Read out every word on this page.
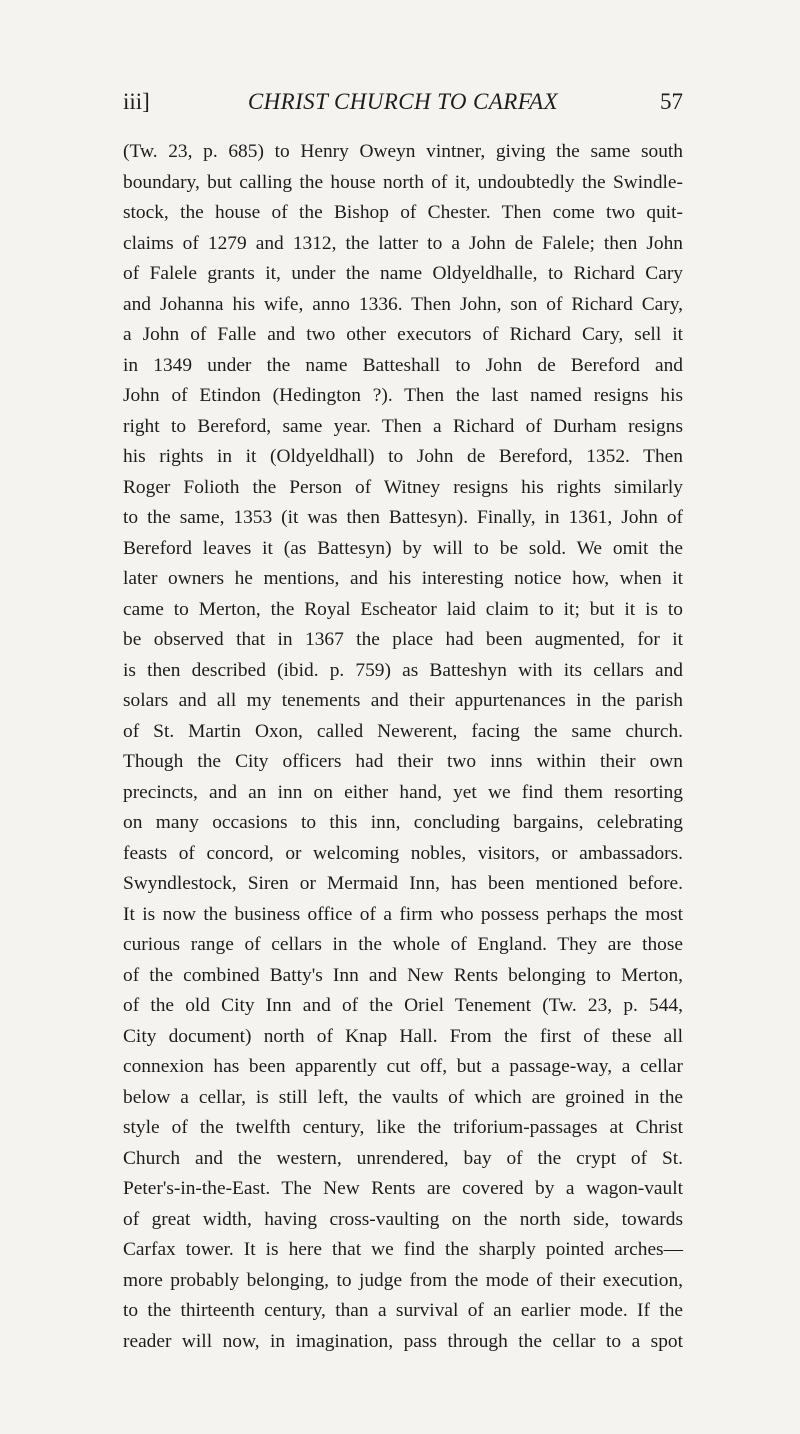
iii]	CHRIST CHURCH TO CARFAX	57
(Tw. 23, p. 685) to Henry Oweyn vintner, giving the same south
boundary, but calling the house north of it, undoubtedly the Swindle-
stock, the house of the Bishop of Chester. Then come two quit-
claims of 1279 and 1312, the latter to a John de Falele; then John
of Falele grants it, under the name Oldyeldhalle, to Richard Cary
and Johanna his wife, anno 1336. Then John, son of Richard Cary,
a John of Falle and two other executors of Richard Cary, sell it
in 1349 under the name Batteshall to John de Bereford and
John of Etindon (Hedington ?). Then the last named resigns his
right to Bereford, same year. Then a Richard of Durham resigns
his rights in it (Oldyeldhall) to John de Bereford, 1352. Then
Roger Folioth the Person of Witney resigns his rights similarly
to the same, 1353 (it was then Battesyn). Finally, in 1361, John of
Bereford leaves it (as Battesyn) by will to be sold. We omit the
later owners he mentions, and his interesting notice how, when it
came to Merton, the Royal Escheator laid claim to it; but it is to
be observed that in 1367 the place had been augmented, for it
is then described (ibid. p. 759) as Batteshyn with its cellars and
solars and all my tenements and their appurtenances in the parish
of St. Martin Oxon, called Newerent, facing the same church.
Though the City officers had their two inns within their own
precincts, and an inn on either hand, yet we find them resorting
on many occasions to this inn, concluding bargains, celebrating
feasts of concord, or welcoming nobles, visitors, or ambassadors.
Swyndlestock, Siren or Mermaid Inn, has been mentioned before.
It is now the business office of a firm who possess perhaps the most
curious range of cellars in the whole of England. They are those
of the combined Batty's Inn and New Rents belonging to Merton,
of the old City Inn and of the Oriel Tenement (Tw. 23, p. 544,
City document) north of Knap Hall. From the first of these all
connexion has been apparently cut off, but a passage-way, a cellar
below a cellar, is still left, the vaults of which are groined in the
style of the twelfth century, like the triforium-passages at Christ
Church and the western, unrendered, bay of the crypt of St.
Peter's-in-the-East. The New Rents are covered by a wagon-vault
of great width, having cross-vaulting on the north side, towards
Carfax tower. It is here that we find the sharply pointed arches—
more probably belonging, to judge from the mode of their execution,
to the thirteenth century, than a survival of an earlier mode. If the
reader will now, in imagination, pass through the cellar to a spot
